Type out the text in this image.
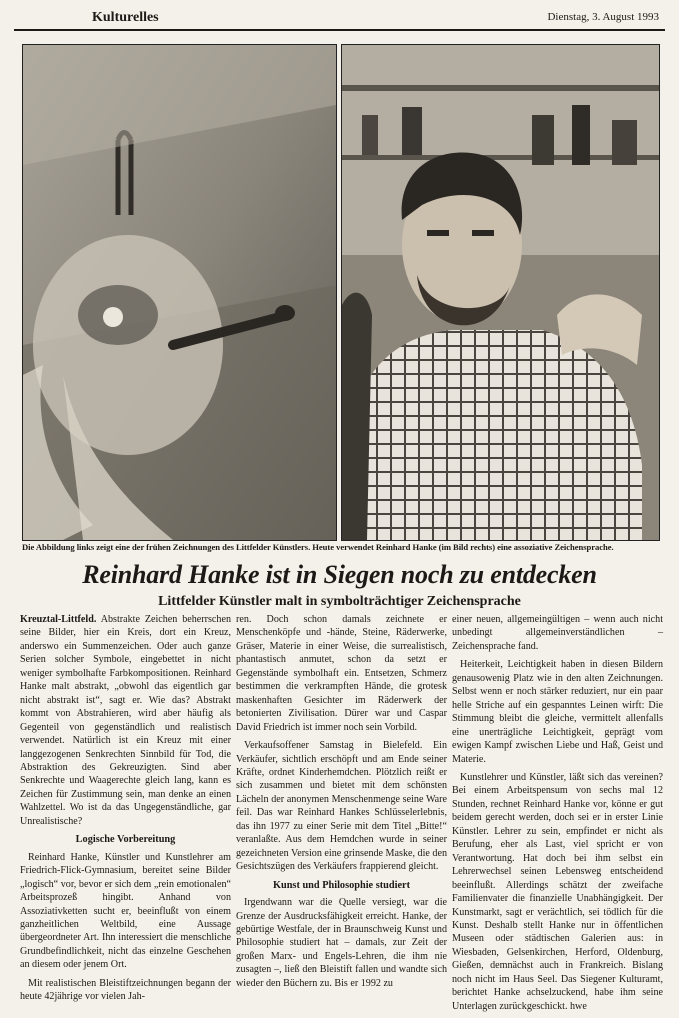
Kulturelles	Dienstag, 3. August 1993
Die Abbildung links zeigt eine der frühen Zeichnungen des Littfelder Künstlers. Heute verwendet Reinhard Hanke (im Bild rechts) eine assoziative Zeichensprache.
Reinhard Hanke ist in Siegen noch zu entdecken
Littfelder Künstler malt in symbolträchtiger Zeichensprache

Kreuztal-Littfeld. Abstrakte Zeichen beherrschen seine Bilder, hier ein Kreis, dort ein Kreuz, anderswo ein Summenzeichen. Oder auch ganze Serien solcher Symbole, eingebettet in nicht weniger symbolhafte Farbkompositionen. Reinhard Hanke malt abstrakt, „obwohl das eigentlich gar nicht abstrakt ist“, sagt er. Wie das? Abstrakt kommt von Abstrahieren, wird aber häufig als Gegenteil von gegenständlich und realistisch verwendet. Natürlich ist ein Kreuz mit einer langgezogenen Senkrechten Sinnbild für Tod, die Abstraktion des Gekreuzigten. Sind aber Senkrechte und Waagerechte gleich lang, kann es Zeichen für Zustimmung sein, man denke an einen Wahlzettel. Wo ist da das Ungegenständliche, gar Unrealistische?

Logische Vorbereitung

Reinhard Hanke, Künstler und Kunstlehrer am Friedrich-Flick-Gymnasium, bereitet seine Bilder „logisch“ vor, bevor er sich dem „rein emotionalen“ Arbeitsprozeß hingibt. Anhand von Assoziativketten sucht er, beeinflußt von einem ganzheitlichen Weltbild, eine Aussage übergeordneter Art. Ihn interessiert die menschliche Grundbefindlichkeit, nicht das einzelne Geschehen an diesem oder jenem Ort.

Mit realistischen Bleistiftzeichnungen begann der heute 42jährige vor vielen Jah-

ren. Doch schon damals zeichnete er Menschenköpfe und -hände, Steine, Räderwerke, Gräser, Materie in einer Weise, die surrealistisch, phantastisch anmutet, schon da setzt er Gegenstände symbolhaft ein. Entsetzen, Schmerz bestimmen die verkrampften Hände, die grotesk maskenhaften Gesichter im Räderwerk der betonierten Zivilisation. Dürer war und Caspar David Friedrich ist immer noch sein Vorbild.

Verkaufsoffener Samstag in Bielefeld. Ein Verkäufer, sichtlich erschöpft und am Ende seiner Kräfte, ordnet Kinderhemdchen. Plötzlich reißt er sich zusammen und bietet mit dem schönsten Lächeln der anonymen Menschenmenge seine Ware feil. Das war Reinhard Hankes Schlüsselerlebnis, das ihn 1977 zu einer Serie mit dem Titel „Bitte!“ veranlaßte. Aus dem Hemdchen wurde in seiner gezeichneten Version eine grinsende Maske, die den Gesichtszügen des Verkäufers frappierend gleicht.

Kunst und Philosophie studiert

Irgendwann war die Quelle versiegt, war die Grenze der Ausdrucksfähigkeit erreicht. Hanke, der gebürtige Westfale, der in Braunschweig Kunst und Philosophie studiert hat – damals, zur Zeit der großen Marx- und Engels-Lehren, die ihm nie zusagten –, ließ den Bleistift fallen und wandte sich wieder den Büchern zu. Bis er 1992 zu

einer neuen, allgemeingültigen – wenn auch nicht unbedingt allgemeinverständlichen – Zeichensprache fand.

Heiterkeit, Leichtigkeit haben in diesen Bildern genausowenig Platz wie in den alten Zeichnungen. Selbst wenn er noch stärker reduziert, nur ein paar helle Striche auf ein gespanntes Leinen wirft: Die Stimmung bleibt die gleiche, vermittelt allenfalls eine unerträgliche Leichtigkeit, geprägt vom ewigen Kampf zwischen Liebe und Haß, Geist und Materie.

Kunstlehrer und Künstler, läßt sich das vereinen? Bei einem Arbeitspensum von sechs mal 12 Stunden, rechnet Reinhard Hanke vor, könne er gut beidem gerecht werden, doch sei er in erster Linie Künstler. Lehrer zu sein, empfindet er nicht als Berufung, eher als Last, viel spricht er von Verantwortung. Hat doch bei ihm selbst ein Lehrerwechsel seinen Lebensweg entscheidend beeinflußt. Allerdings schätzt der zweifache Familienvater die finanzielle Unabhängigkeit. Der Kunstmarkt, sagt er verächtlich, sei tödlich für die Kunst. Deshalb stellt Hanke nur in öffentlichen Museen oder städtischen Galerien aus: in Wiesbaden, Gelsenkirchen, Herford, Oldenburg, Gießen, demnächst auch in Frankreich. Bislang noch nicht im Haus Seel. Das Siegener Kulturamt, berichtet Hanke achselzuckend, habe ihm seine Unterlagen zurückgeschickt. hwe
